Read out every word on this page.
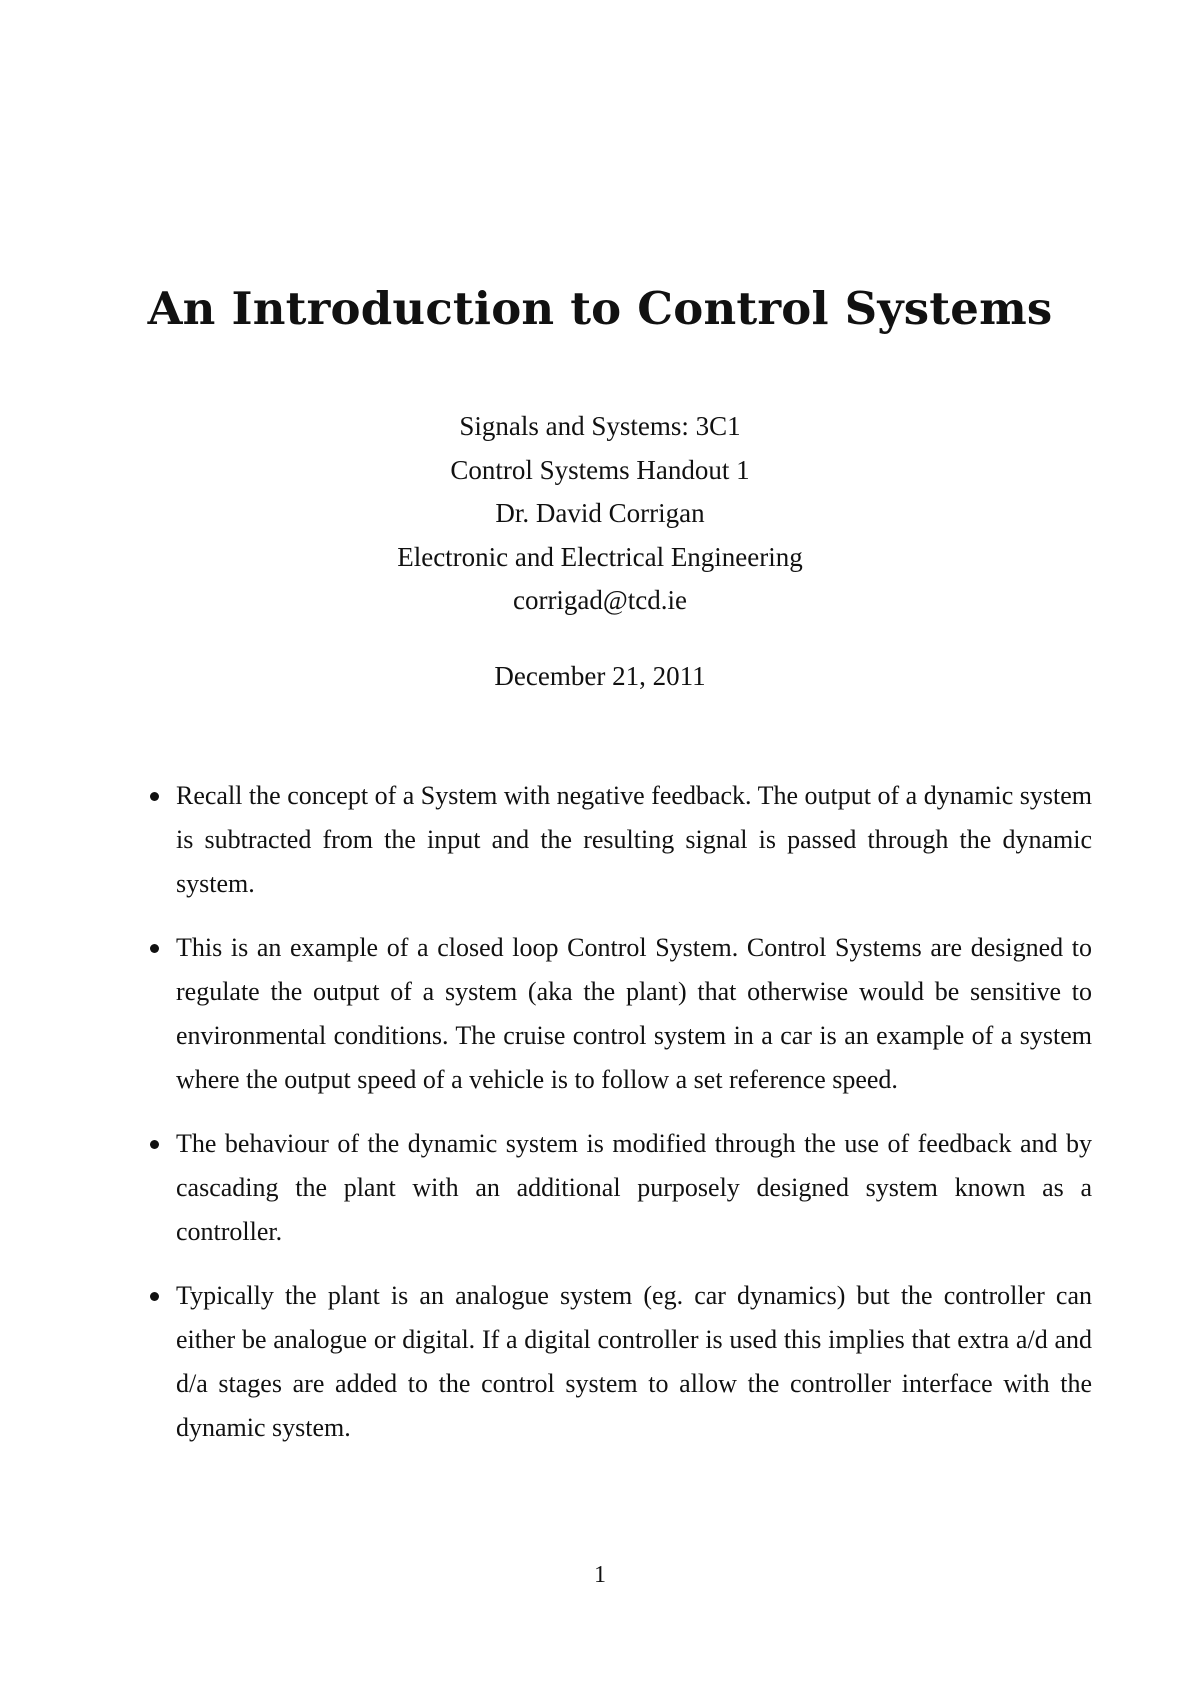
An Introduction to Control Systems
Signals and Systems: 3C1
Control Systems Handout 1
Dr. David Corrigan
Electronic and Electrical Engineering
corrigad@tcd.ie
December 21, 2011
Recall the concept of a System with negative feedback. The output of a dynamic system is subtracted from the input and the resulting signal is passed through the dynamic system.
This is an example of a closed loop Control System. Control Systems are designed to regulate the output of a system (aka the plant) that otherwise would be sensitive to environmental conditions. The cruise control system in a car is an example of a system where the output speed of a vehicle is to follow a set reference speed.
The behaviour of the dynamic system is modified through the use of feedback and by cascading the plant with an additional purposely designed system known as a controller.
Typically the plant is an analogue system (eg. car dynamics) but the controller can either be analogue or digital. If a digital controller is used this implies that extra a/d and d/a stages are added to the control system to allow the controller interface with the dynamic system.
1
